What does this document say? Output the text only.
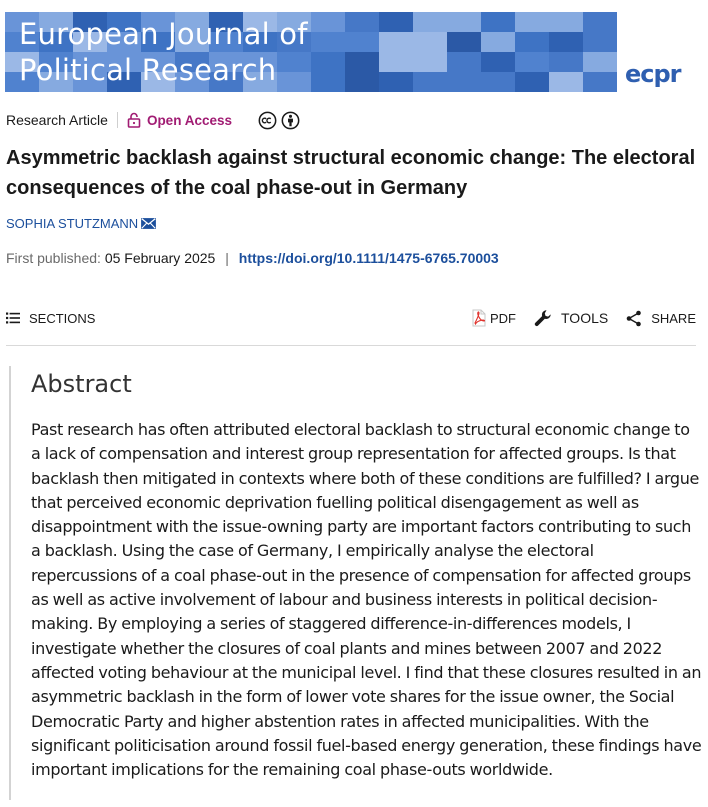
European Journal of
Political Research	ecpr
Research Article	Open Access
Asymmetric backlash against structural economic change: The electoral consequences of the coal phase-out in Germany
SOPHIA STUTZMANN
First published: 05 February 2025 | https://doi.org/10.1111/1475-6765.70003
SECTIONS	PDF	TOOLS	SHARE
Abstract

Past research has often attributed electoral backlash to structural economic change to a lack of compensation and interest group representation for affected groups. Is that backlash then mitigated in contexts where both of these conditions are fulfilled? I argue that perceived economic deprivation fuelling political disengagement as well as disappointment with the issue-owning party are important factors contributing to such a backlash. Using the case of Germany, I empirically analyse the electoral repercussions of a coal phase-out in the presence of compensation for affected groups as well as active involvement of labour and business interests in political decision-making. By employing a series of staggered difference-in-differences models, I investigate whether the closures of coal plants and mines between 2007 and 2022 affected voting behaviour at the municipal level. I find that these closures resulted in an asymmetric backlash in the form of lower vote shares for the issue owner, the Social Democratic Party and higher abstention rates in affected municipalities. With the significant politicisation around fossil fuel-based energy generation, these findings have important implications for the remaining coal phase-outs worldwide.
